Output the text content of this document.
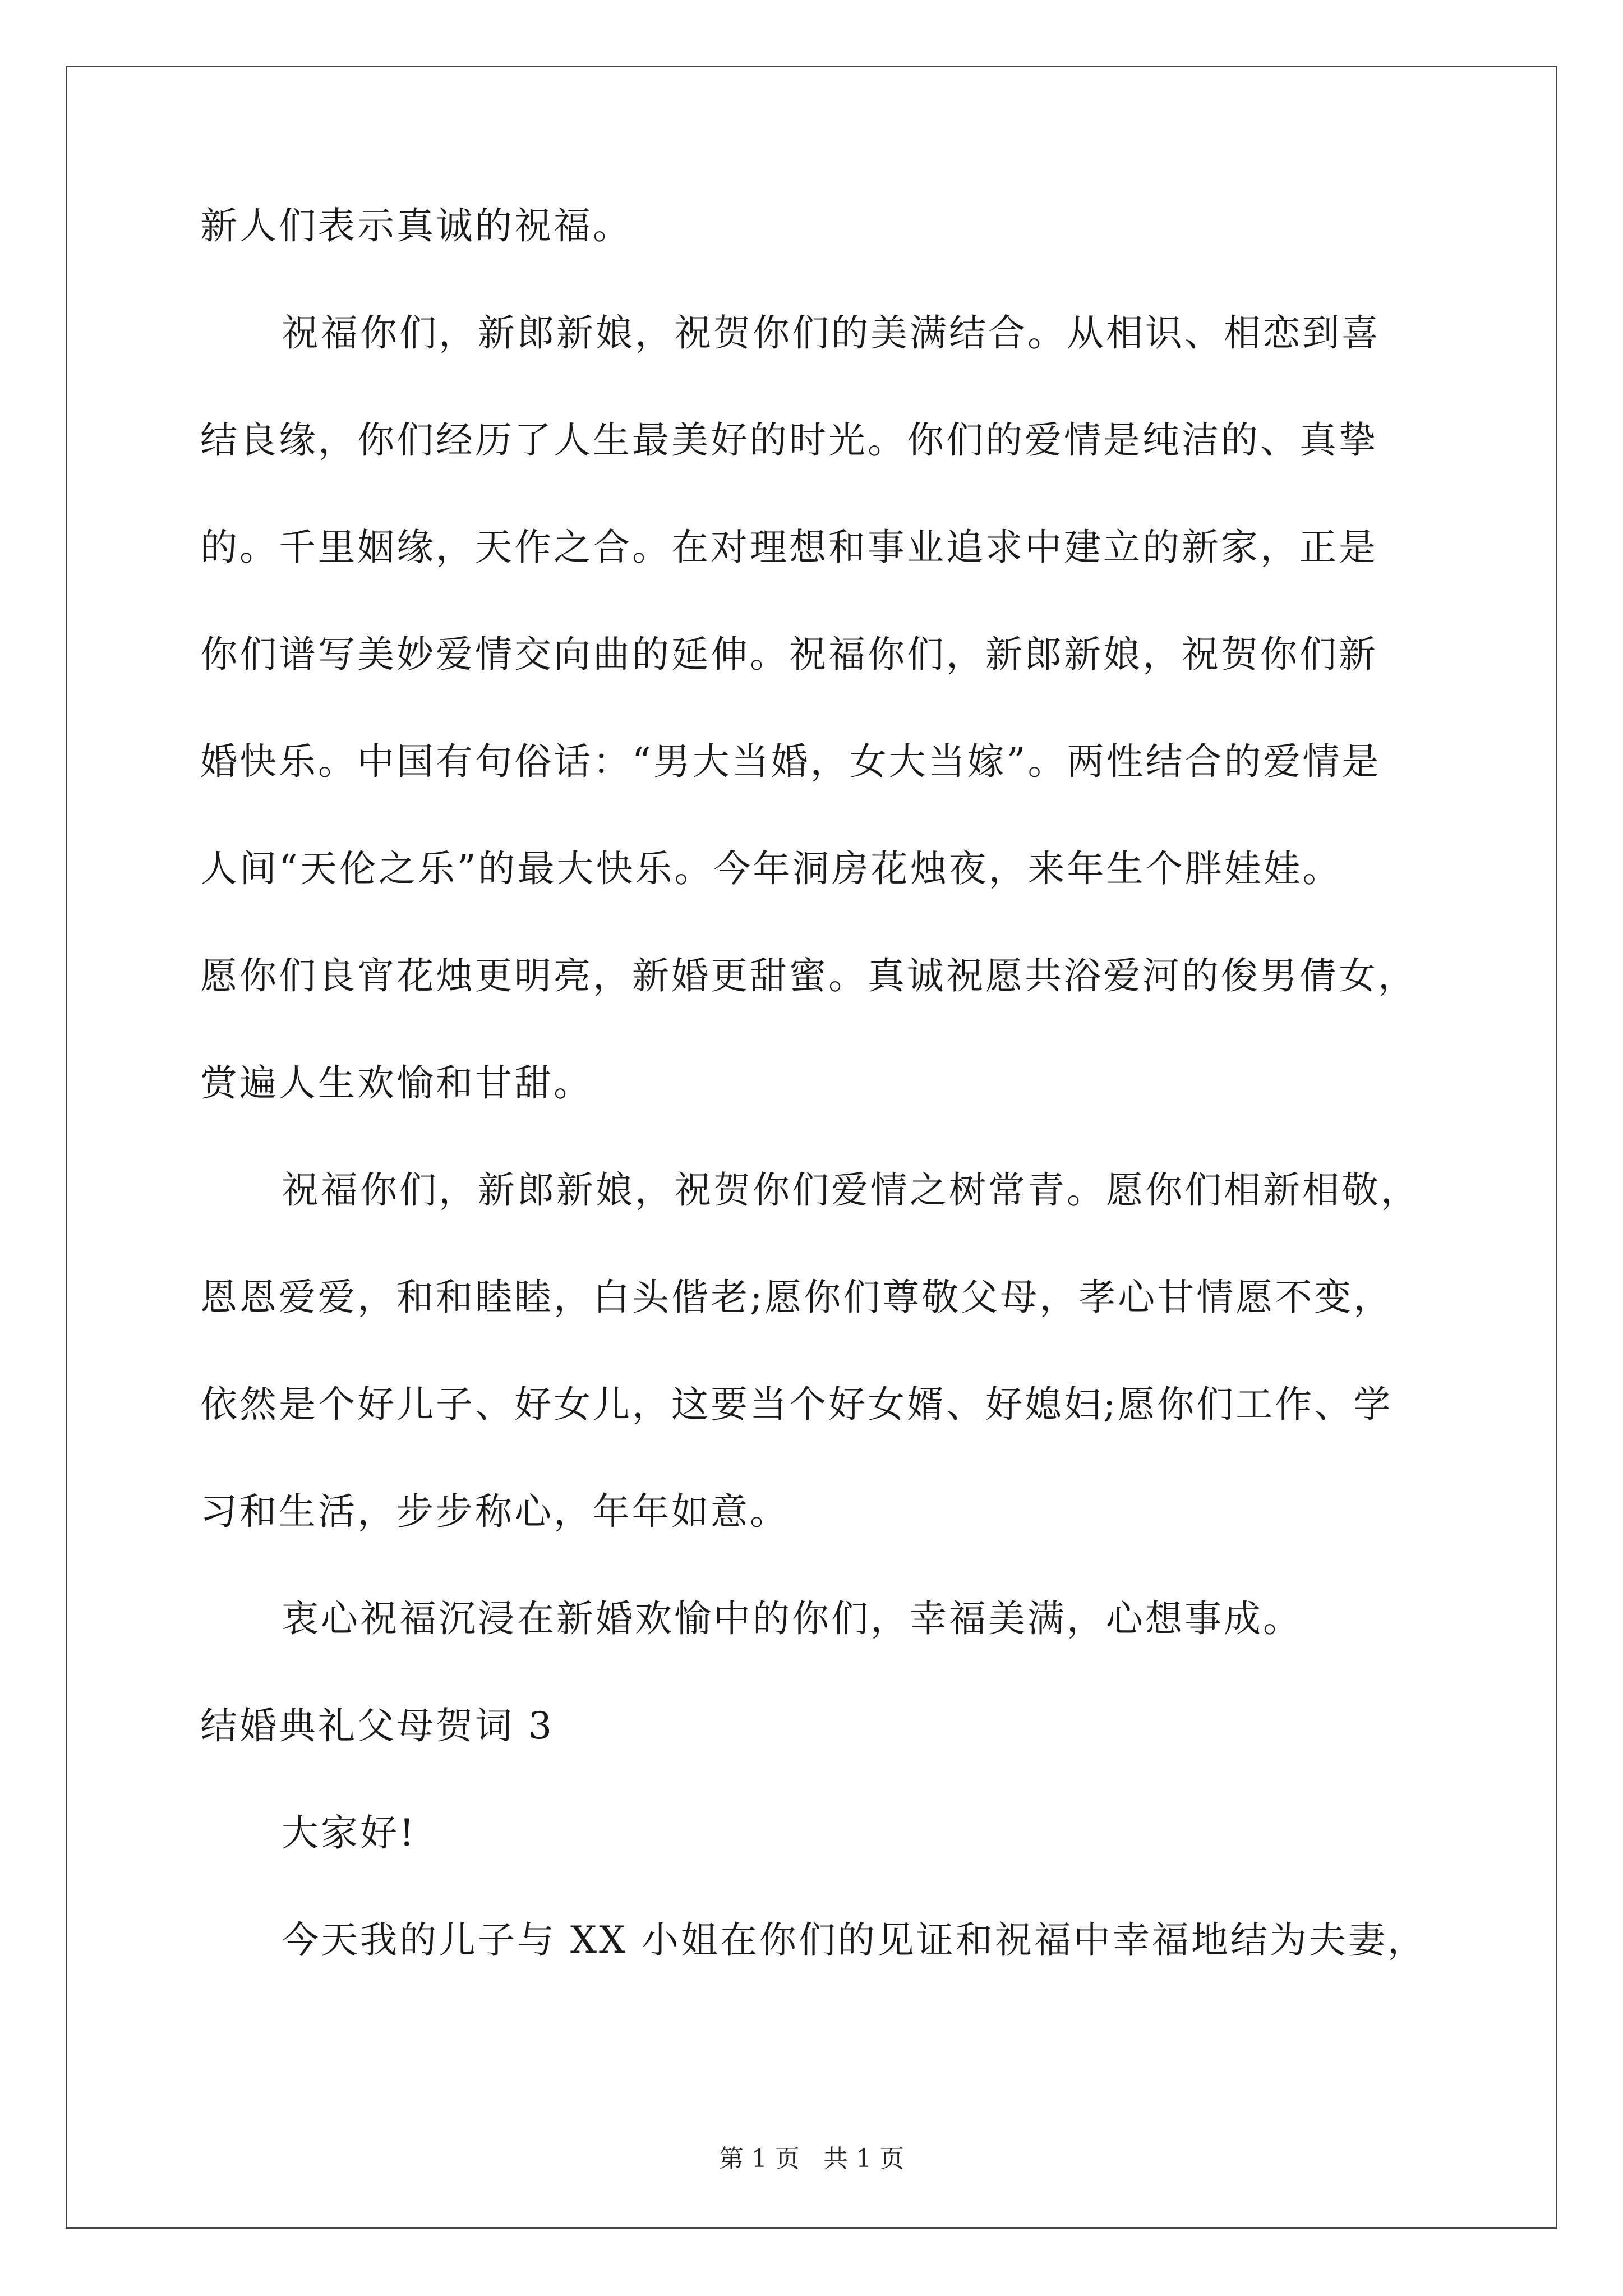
新人们表示真诚的祝福。
祝福你们，新郎新娘，祝贺你们的美满结合。从相识、相恋到喜
结良缘，你们经历了人生最美好的时光。你们的爱情是纯洁的、真挚
的。千里姻缘，天作之合。在对理想和事业追求中建立的新家，正是
你们谱写美妙爱情交向曲的延伸。祝福你们，新郎新娘，祝贺你们新
婚快乐。中国有句俗话：“男大当婚，女大当嫁”。两性结合的爱情是
人间“天伦之乐”的最大快乐。今年洞房花烛夜，来年生个胖娃娃。
愿你们良宵花烛更明亮，新婚更甜蜜。真诚祝愿共浴爱河的俊男倩女，
赏遍人生欢愉和甘甜。
祝福你们，新郎新娘，祝贺你们爱情之树常青。愿你们相新相敬，
恩恩爱爱，和和睦睦，白头偕老;愿你们尊敬父母，孝心甘情愿不变，
依然是个好儿子、好女儿，这要当个好女婿、好媳妇;愿你们工作、学
习和生活，步步称心，年年如意。
衷心祝福沉浸在新婚欢愉中的你们，幸福美满，心想事成。
结婚典礼父母贺词 3
大家好!
今天我的儿子与 XX 小姐在你们的见证和祝福中幸福地结为夫妻，
第 1 页 共 1 页
